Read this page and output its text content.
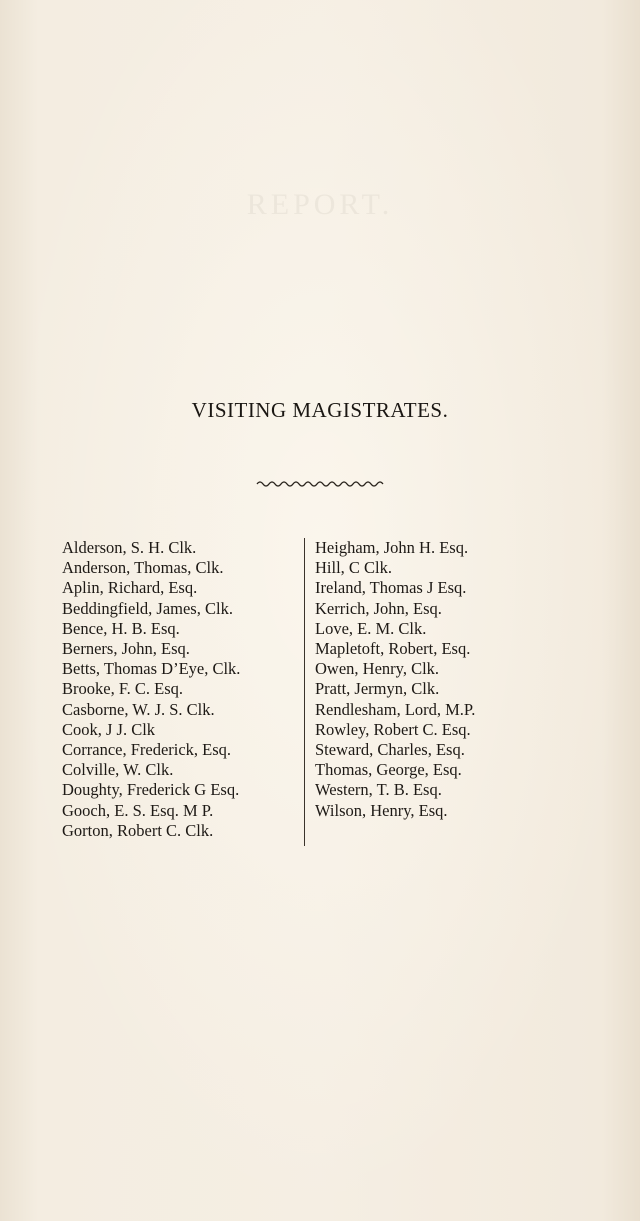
REPORT.
VISITING MAGISTRATES.
Alderson, S. H. Clk.
Anderson, Thomas, Clk.
Aplin, Richard, Esq.
Beddingfield, James, Clk.
Bence, H. B. Esq.
Berners, John, Esq.
Betts, Thomas D’Eye, Clk.
Brooke, F. C. Esq.
Casborne, W. J. S. Clk.
Cook, J J. Clk
Corrance, Frederick, Esq.
Colville, W. Clk.
Doughty, Frederick G Esq.
Gooch, E. S. Esq. M P.
Gorton, Robert C. Clk.
Heigham, John H. Esq.
Hill, C Clk.
Ireland, Thomas J Esq.
Kerrich, John, Esq.
Love, E. M. Clk.
Mapletoft, Robert, Esq.
Owen, Henry, Clk.
Pratt, Jermyn, Clk.
Rendlesham, Lord, M.P.
Rowley, Robert C. Esq.
Steward, Charles, Esq.
Thomas, George, Esq.
Western, T. B. Esq.
Wilson, Henry, Esq.
